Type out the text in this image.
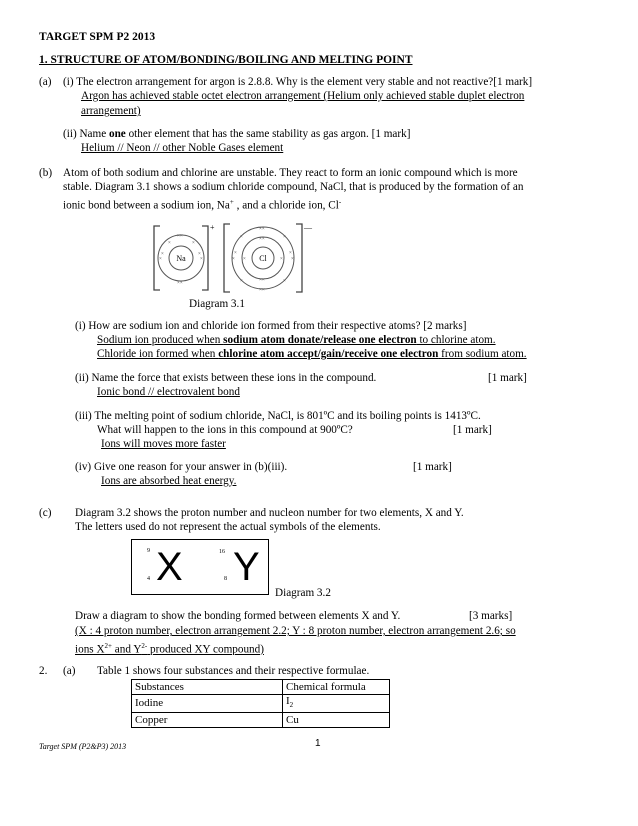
TARGET SPM P2 2013
1. STRUCTURE OF ATOM/BONDING/BOILING AND MELTING POINT
(a) (i) The electron arrangement for argon is 2.8.8. Why is the element very stable and not reactive?[1 mark]
Argon has achieved stable octet electron arrangement (Helium only achieved stable duplet electron
arrangement)
(ii) Name one other element that has the same stability as gas argon. [1 mark]
Helium // Neon // other Noble Gases element
(b) Atom of both sodium and chlorine are unstable. They react to form an ionic compound which is more
stable. Diagram 3.1 shows a sodium chloride compound, NaCl, that is produced by the formation of an
ionic bond between a sodium ion, Na+ , and a chloride ion, Cl-
+
Na
××
××
×
×
×
×
×	×
—
Cl
××
××
×
×
×
×
×	×
×	×
××
××
×	×
Diagram 3.1
(i) How are sodium ion and chloride ion formed from their respective atoms? [2 marks]
Sodium ion produced when sodium atom donate/release one electron to chlorine atom.
Chloride ion formed when chlorine atom accept/gain/receive one electron from sodium atom.
(ii) Name the force that exists between these ions in the compound.	[1 mark]
Ionic bond // electrovalent bond
(iii) The melting point of sodium chloride, NaCl, is 801ºC and its boiling points is 1413ºC.
What will happen to the ions in this compound at 900ºC?	[1 mark]
Ions will moves more faster
(iv) Give one reason for your answer in (b)(iii).	[1 mark]
Ions are absorbed heat energy.
(c) Diagram 3.2 shows the proton number and nucleon number for two elements, X and Y.
The letters used do not represent the actual symbols of the elements.
9
4 X	16
8 Y
Diagram 3.2
Draw a diagram to show the bonding formed between elements X and Y.	[3 marks]
(X : 4 proton number, electron arrangement 2.2; Y : 8 proton number, electron arrangement 2.6; so
ions $X^{2+}$ and $Y^{2-}$ produced XY compound)
2. (a) Table 1 shows four substances and their respective formulae.
Substances	Chemical formula
Iodine	$I_2$
Copper	Cu
Target SPM (P2&P3) 2013	1
